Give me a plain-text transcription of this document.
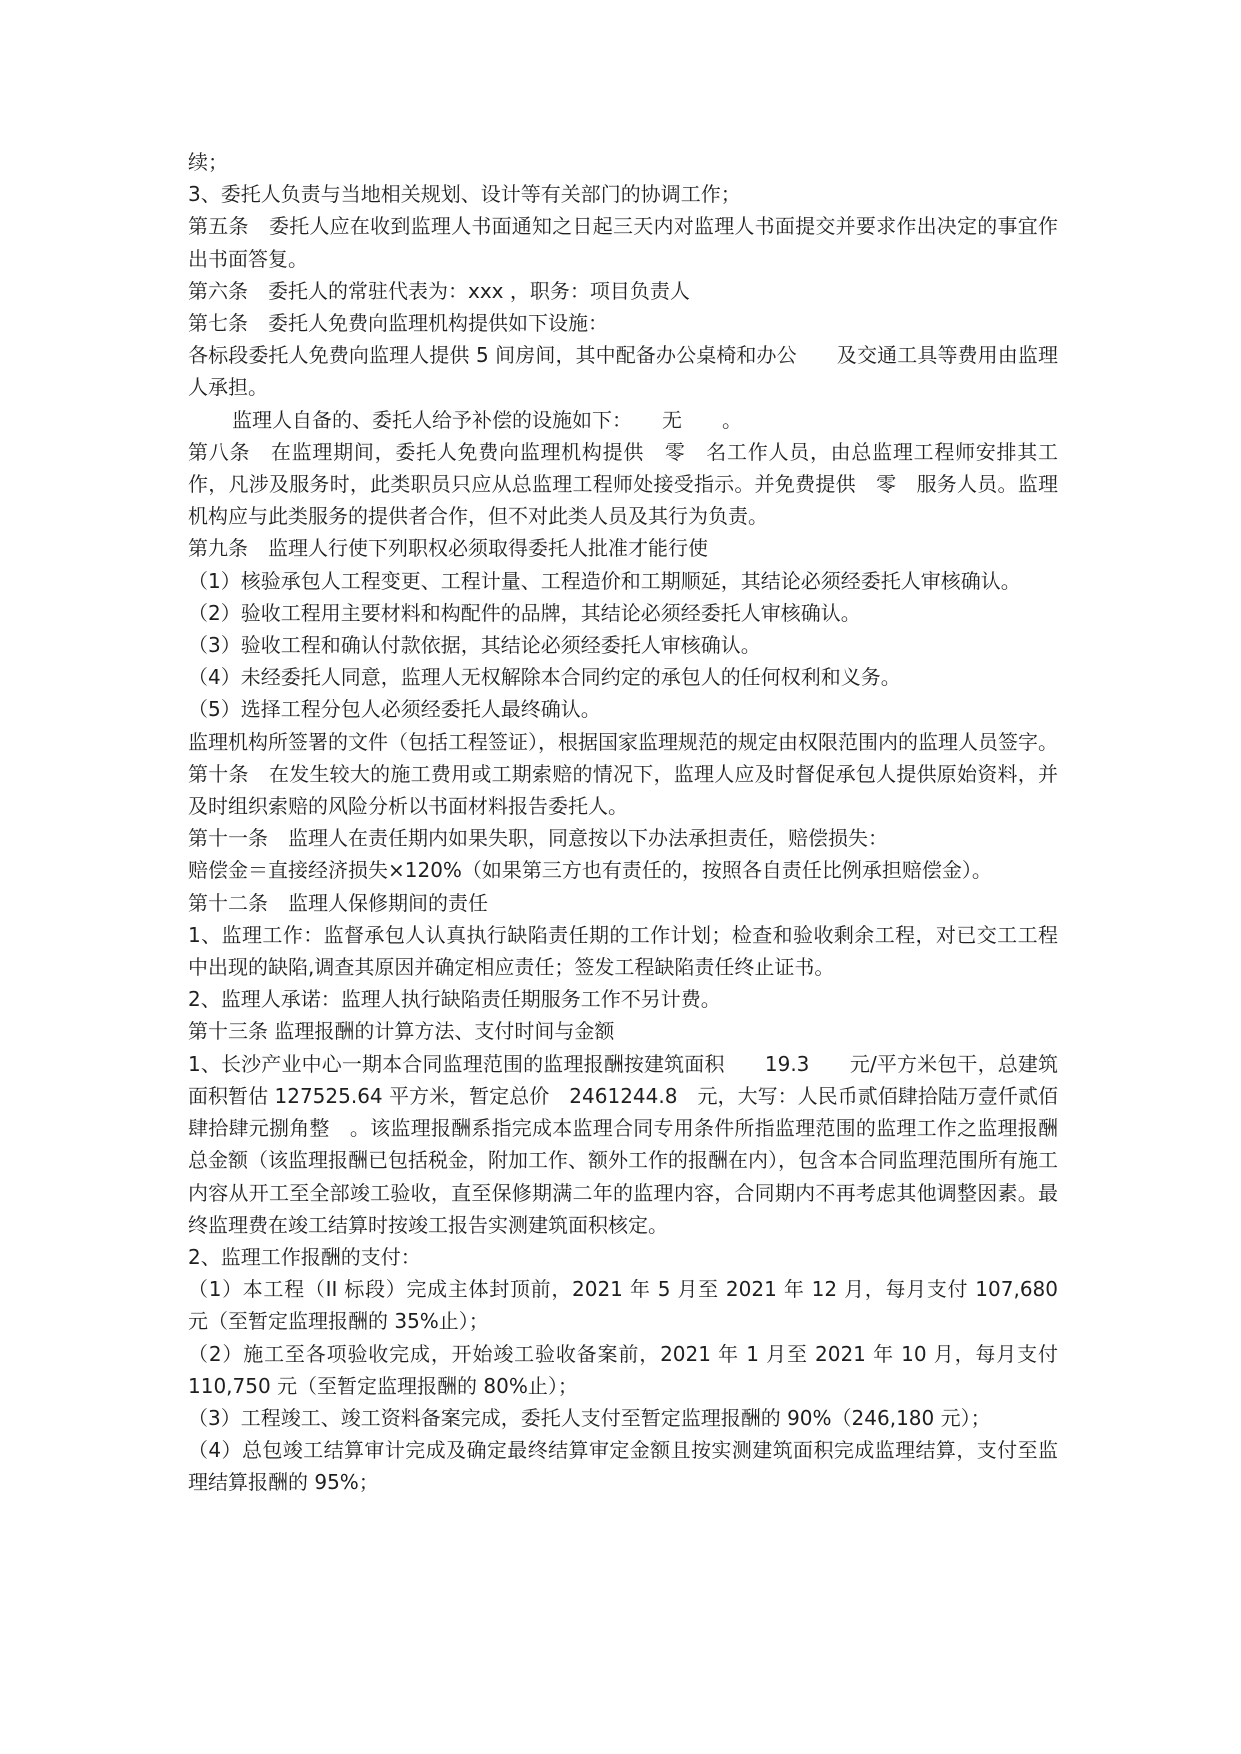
续；

3、委托人负责与当地相关规划、设计等有关部门的协调工作；

第五条　委托人应在收到监理人书面通知之日起三天内对监理人书面提交并要求作出决定的事宜作出书面答复。

第六条　委托人的常驻代表为：xxx ，职务：项目负责人

第七条　委托人免费向监理机构提供如下设施：

各标段委托人免费向监理人提供 5 间房间，其中配备办公桌椅和办公　　及交通工具等费用由监理人承担。

监理人自备的、委托人给予补偿的设施如下：　　无　　。

第八条　在监理期间，委托人免费向监理机构提供　零　名工作人员，由总监理工程师安排其工作，凡涉及服务时，此类职员只应从总监理工程师处接受指示。并免费提供　零　服务人员。监理机构应与此类服务的提供者合作，但不对此类人员及其行为负责。

第九条　监理人行使下列职权必须取得委托人批准才能行使

（1）核验承包人工程变更、工程计量、工程造价和工期顺延，其结论必须经委托人审核确认。

（2）验收工程用主要材料和构配件的品牌，其结论必须经委托人审核确认。

（3）验收工程和确认付款依据，其结论必须经委托人审核确认。

（4）未经委托人同意，监理人无权解除本合同约定的承包人的任何权利和义务。

（5）选择工程分包人必须经委托人最终确认。

监理机构所签署的文件（包括工程签证），根据国家监理规范的规定由权限范围内的监理人员签字。

第十条　在发生较大的施工费用或工期索赔的情况下，监理人应及时督促承包人提供原始资料，并及时组织索赔的风险分析以书面材料报告委托人。

第十一条　监理人在责任期内如果失职，同意按以下办法承担责任，赔偿损失：

赔偿金＝直接经济损失×120%（如果第三方也有责任的，按照各自责任比例承担赔偿金）。

第十二条　监理人保修期间的责任

1、监理工作：监督承包人认真执行缺陷责任期的工作计划；检查和验收剩余工程，对已交工工程中出现的缺陷,调查其原因并确定相应责任；签发工程缺陷责任终止证书。

2、监理人承诺：监理人执行缺陷责任期服务工作不另计费。

第十三条 监理报酬的计算方法、支付时间与金额

1、长沙产业中心一期本合同监理范围的监理报酬按建筑面积　　19.3　　元/平方米包干，总建筑面积暂估 127525.64 平方米，暂定总价　2461244.8　元，大写：人民币贰佰肆拾陆万壹仟贰佰肆拾肆元捌角整　。该监理报酬系指完成本监理合同专用条件所指监理范围的监理工作之监理报酬总金额（该监理报酬已包括税金，附加工作、额外工作的报酬在内），包含本合同监理范围所有施工内容从开工至全部竣工验收，直至保修期满二年的监理内容，合同期内不再考虑其他调整因素。最终监理费在竣工结算时按竣工报告实测建筑面积核定。

2、监理工作报酬的支付：

（1）本工程（II 标段）完成主体封顶前，2021 年 5 月至 2021 年 12 月，每月支付 107,680 元（至暂定监理报酬的 35%止）；

（2）施工至各项验收完成，开始竣工验收备案前，2021 年 1 月至 2021 年 10 月，每月支付 110,750 元（至暂定监理报酬的 80%止）；

（3）工程竣工、竣工资料备案完成，委托人支付至暂定监理报酬的 90%（246,180 元）；

（4）总包竣工结算审计完成及确定最终结算审定金额且按实测建筑面积完成监理结算，支付至监理结算报酬的 95%；
